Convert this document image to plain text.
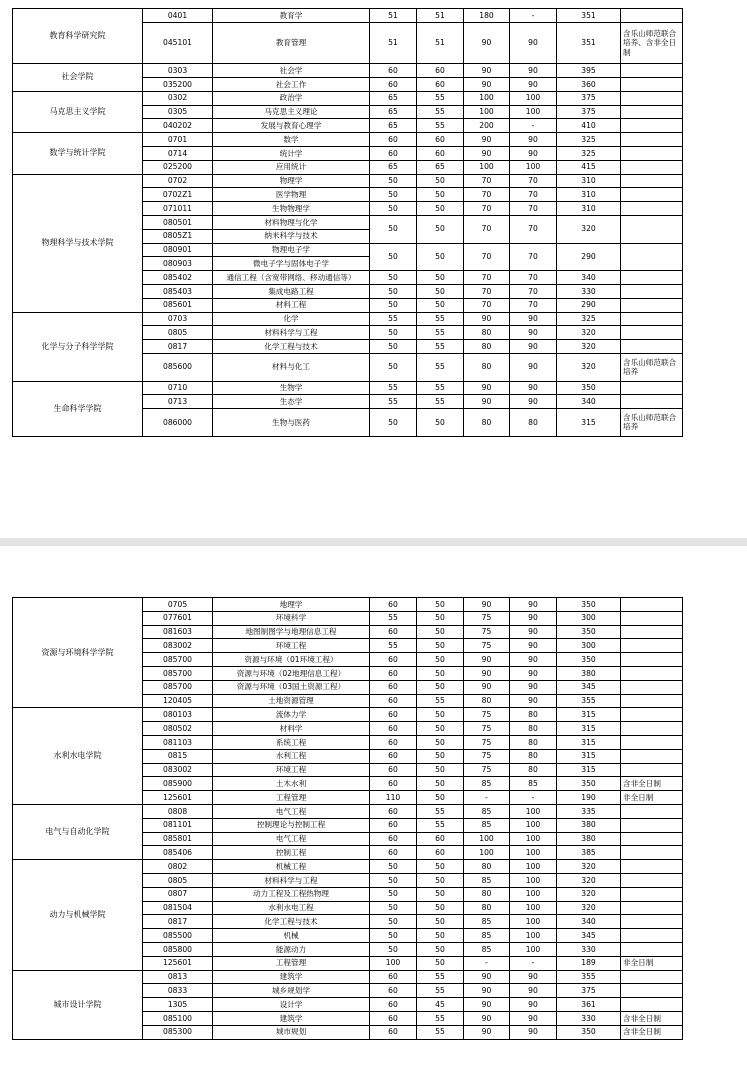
教育科学研究院	0401	教育学	51	51	180	-	351	
	045101	教育管理	51	51	90	90	351	含乐山师范联合培养、含非全日制
社会学院	0303	社会学	60	60	90	90	395	
	035200	社会工作	60	60	90	90	360	
马克思主义学院	0302	政治学	65	55	100	100	375	
	0305	马克思主义理论	65	55	100	100	375	
	040202	发展与教育心理学	65	55	200	-	410	
数学与统计学院	0701	数学	60	60	90	90	325	
	0714	统计学	60	60	90	90	325	
	025200	应用统计	65	65	100	100	415	
物理科学与技术学院	0702	物理学	50	50	70	70	310	
	0702Z1	医学物理	50	50	70	70	310	
	071011	生物物理学	50	50	70	70	310	
	080501	材料物理与化学	50	50	70	70	320	
	0805Z1	纳米科学与技术						
	080901	物理电子学	50	50	70	70	290	
	080903	微电子学与固体电子学						
	085402	通信工程（含宽带网络、移动通信等）	50	50	70	70	340	
	085403	集成电路工程	50	50	70	70	330	
	085601	材料工程	50	50	70	70	290	
化学与分子科学学院	0703	化学	55	55	90	90	325	
	0805	材料科学与工程	50	55	80	90	320	
	0817	化学工程与技术	50	55	80	90	320	
	085600	材料与化工	50	55	80	90	320	含乐山师范联合培养
生命科学学院	0710	生物学	55	55	90	90	350	
	0713	生态学	55	55	90	90	340	
	086000	生物与医药	50	50	80	80	315	含乐山师范联合培养
资源与环境科学学院	0705	地理学	60	50	90	90	350	
	077601	环境科学	55	50	75	90	300	
	081603	地图制图学与地理信息工程	60	50	75	90	350	
	083002	环境工程	55	50	75	90	300	
	085700	资源与环境（01环境工程）	60	50	90	90	350	
	085700	资源与环境（02地理信息工程）	60	50	90	90	380	
	085700	资源与环境（03国土资源工程）	60	50	90	90	345	
	120405	土地资源管理	60	55	80	90	355	
水利水电学院	080103	流体力学	60	50	75	80	315	
	080502	材料学	60	50	75	80	315	
	081103	系统工程	60	50	75	80	315	
	0815	水利工程	60	50	75	80	315	
	083002	环境工程	60	50	75	80	315	
	085900	土木水利	60	50	85	85	350	含非全日制
	125601	工程管理	110	50	-	-	190	非全日制
电气与自动化学院	0808	电气工程	60	55	85	100	335	
	081101	控制理论与控制工程	60	55	85	100	380	
	085801	电气工程	60	60	100	100	380	
	085406	控制工程	60	60	100	100	385	
动力与机械学院	0802	机械工程	50	50	80	100	320	
	0805	材料科学与工程	50	50	85	100	320	
	0807	动力工程及工程热物理	50	50	80	100	320	
	081504	水利水电工程	50	50	80	100	320	
	0817	化学工程与技术	50	50	85	100	340	
	085500	机械	50	50	85	100	345	
	085800	能源动力	50	50	85	100	330	
	125601	工程管理	100	50	-	-	189	非全日制
城市设计学院	0813	建筑学	60	55	90	90	355	
	0833	城乡规划学	60	55	90	90	375	
	1305	设计学	60	45	90	90	361	
	085100	建筑学	60	55	90	90	330	含非全日制
	085300	城市规划	60	55	90	90	350	含非全日制
